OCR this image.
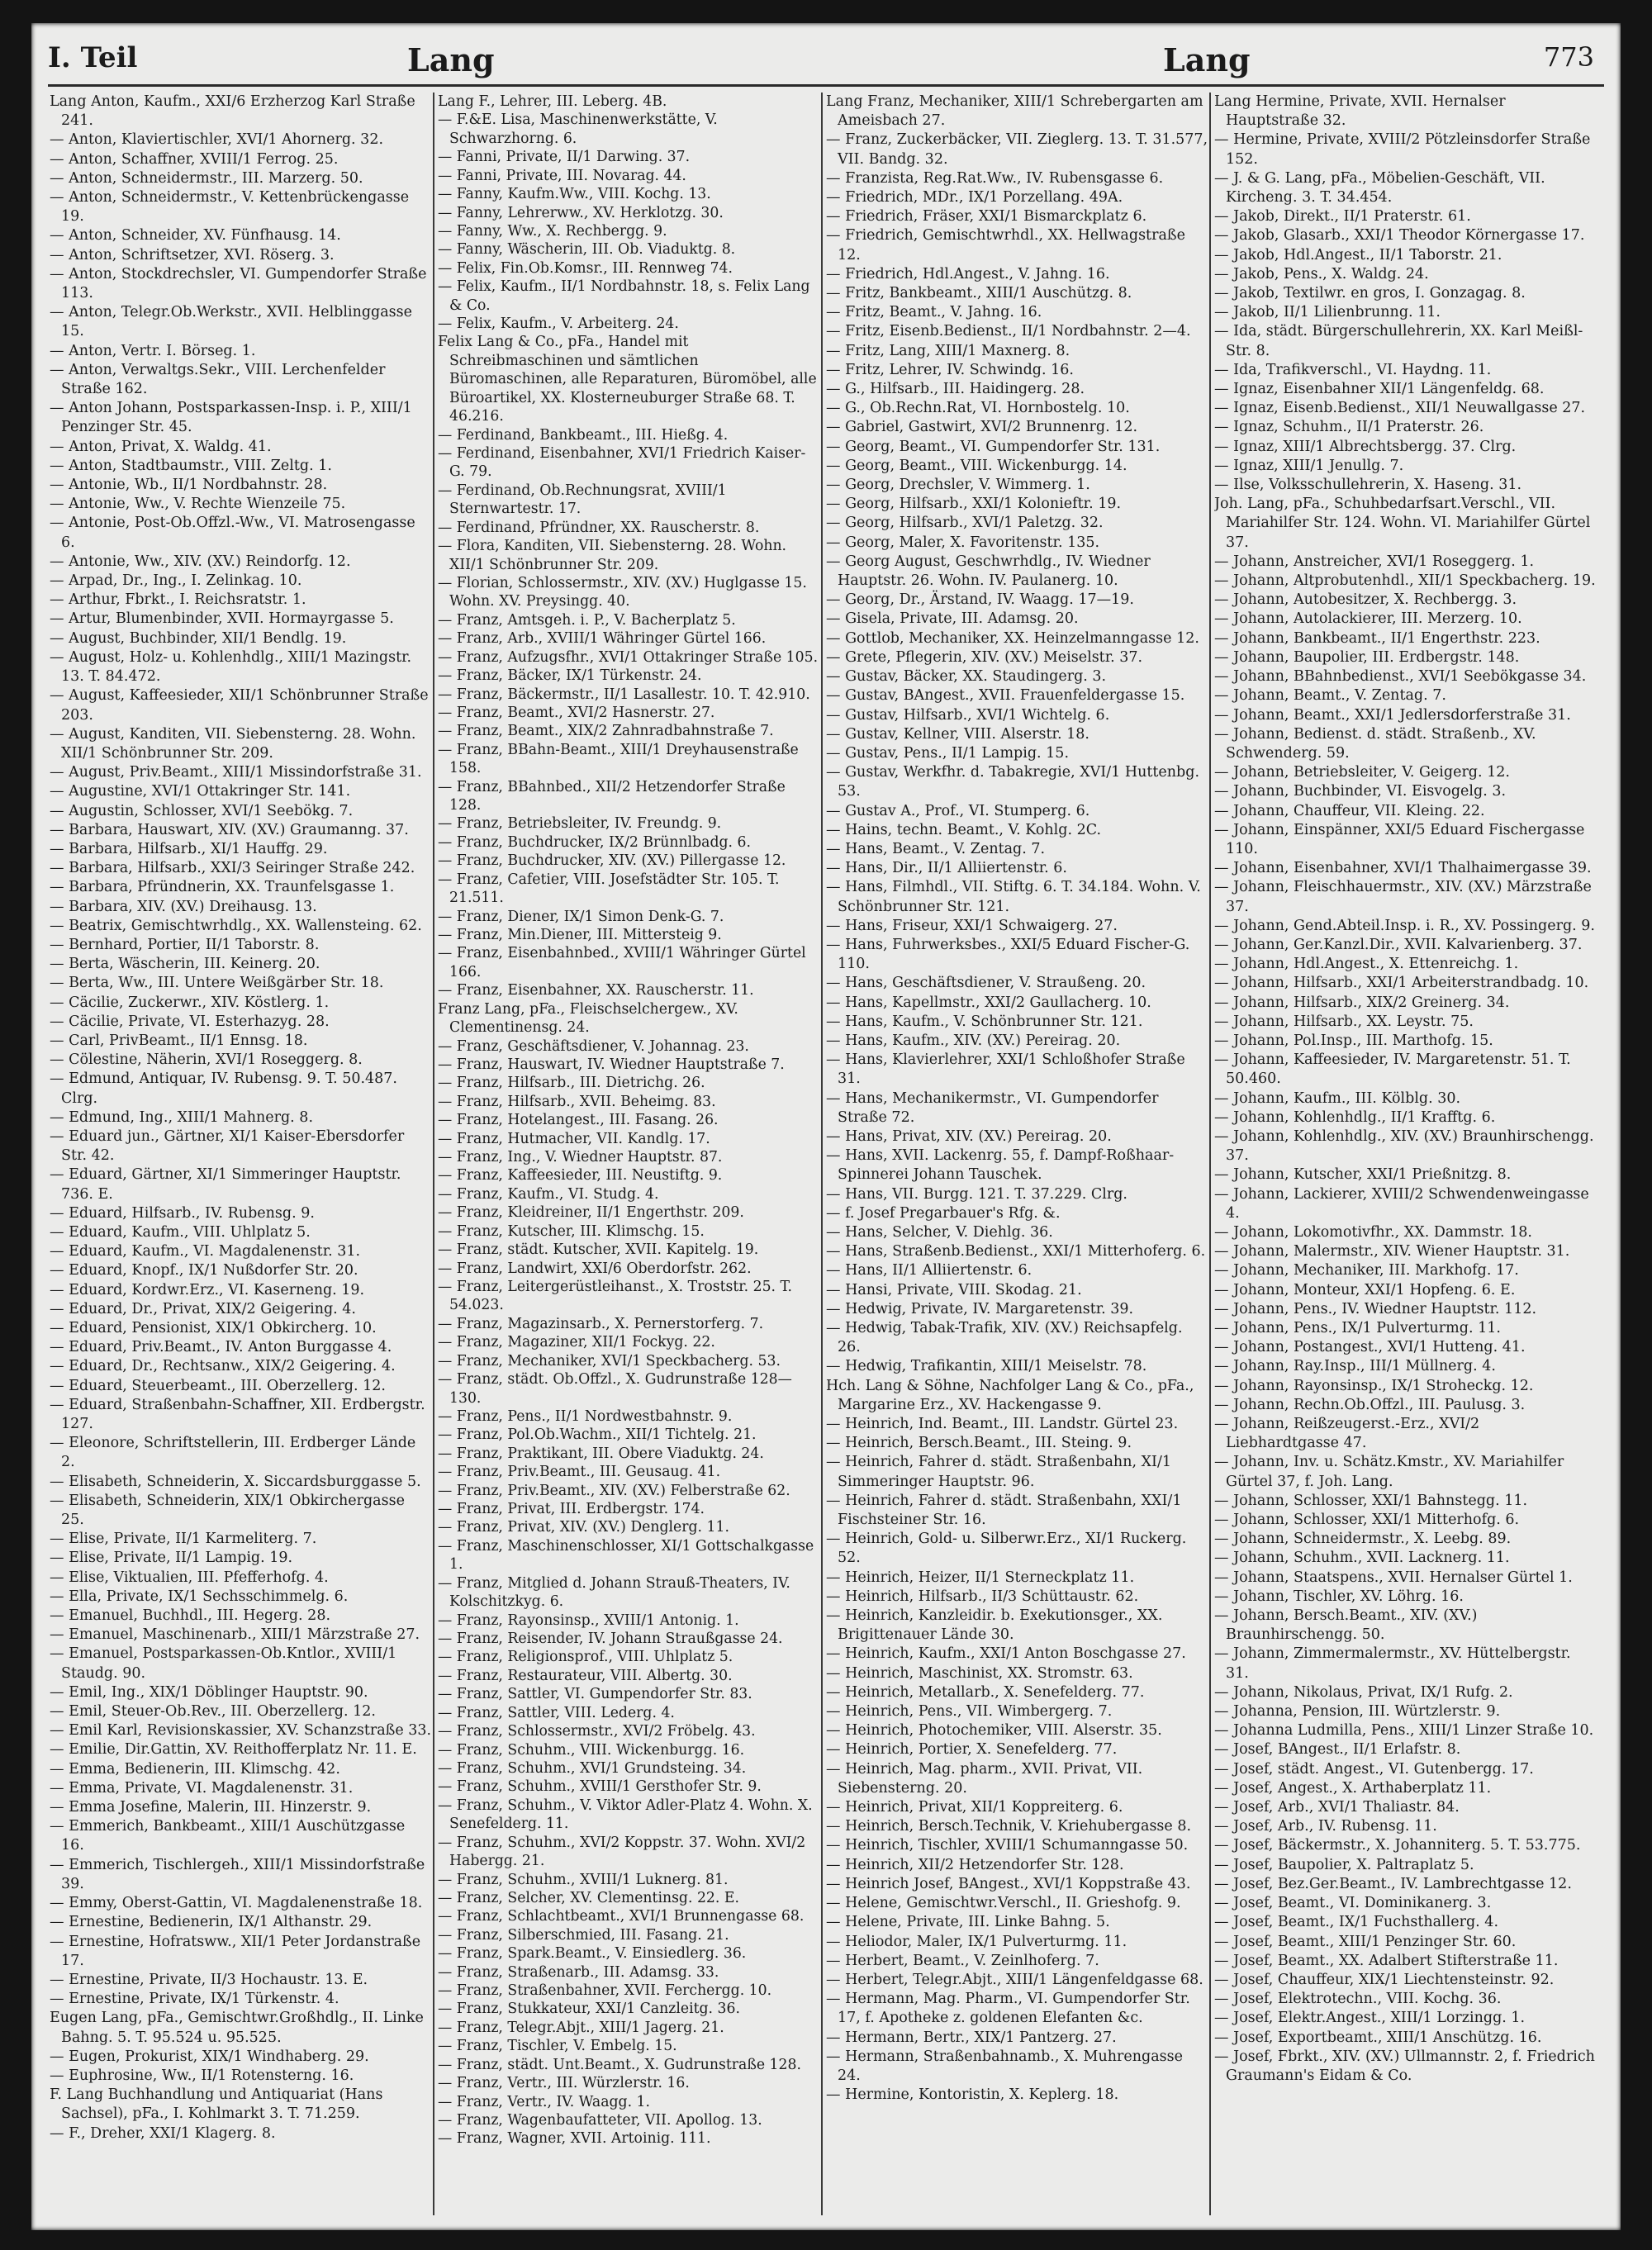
I. Teil	Lang	Lang	773

Lang Anton, Kaufm., XXI/6 Erzherzog Karl Straße 241.

— Anton, Klaviertischler, XVI/1 Ahornerg. 32.

— Anton, Schaffner, XVIII/1 Ferrog. 25.

— Anton, Schneidermstr., III. Marzerg. 50.

— Anton, Schneidermstr., V. Kettenbrückengasse 19.

— Anton, Schneider, XV. Fünfhausg. 14.

— Anton, Schriftsetzer, XVI. Röserg. 3.

— Anton, Stockdrechsler, VI. Gumpendorfer Straße 113.

— Anton, Telegr.Ob.Werkstr., XVII. Helblinggasse 15.

— Anton, Vertr. I. Börseg. 1.

— Anton, Verwaltgs.Sekr., VIII. Lerchenfelder Straße 162.

— Anton Johann, Postsparkassen-Insp. i. P., XIII/1 Penzinger Str. 45.

— Anton, Privat, X. Waldg. 41.

— Anton, Stadtbaumstr., VIII. Zeltg. 1.

— Antonie, Wb., II/1 Nordbahnstr. 28.

— Antonie, Ww., V. Rechte Wienzeile 75.

— Antonie, Post-Ob.Offzl.-Ww., VI. Matrosengasse 6.

— Antonie, Ww., XIV. (XV.) Reindorfg. 12.

— Arpad, Dr., Ing., I. Zelinkag. 10.

— Arthur, Fbrkt., I. Reichsratstr. 1.

— Artur, Blumenbinder, XVII. Hormayrgasse 5.

— August, Buchbinder, XII/1 Bendlg. 19.

— August, Holz- u. Kohlenhdlg., XIII/1 Mazingstr. 13. T. 84.472.

— August, Kaffeesieder, XII/1 Schönbrunner Straße 203.

— August, Kanditen, VII. Siebensterng. 28. Wohn. XII/1 Schönbrunner Str. 209.

— August, Priv.Beamt., XIII/1 Missindorfstraße 31.

— Augustine, XVI/1 Ottakringer Str. 141.

— Augustin, Schlosser, XVI/1 Seebökg. 7.

— Barbara, Hauswart, XIV. (XV.) Graumanng. 37.

— Barbara, Hilfsarb., XI/1 Hauffg. 29.

— Barbara, Hilfsarb., XXI/3 Seiringer Straße 242.

— Barbara, Pfründnerin, XX. Traunfelsgasse 1.

— Barbara, XIV. (XV.) Dreihausg. 13.

— Beatrix, Gemischtwrhdlg., XX. Wallensteing. 62.

— Bernhard, Portier, II/1 Taborstr. 8.

— Berta, Wäscherin, III. Keinerg. 20.

— Berta, Ww., III. Untere Weißgärber Str. 18.

— Cäcilie, Zuckerwr., XIV. Köstlerg. 1.

— Cäcilie, Private, VI. Esterhazyg. 28.

— Carl, PrivBeamt., II/1 Ennsg. 18.

— Cölestine, Näherin, XVI/1 Roseggerg. 8.

— Edmund, Antiquar, IV. Rubensg. 9. T. 50.487. Clrg.

— Edmund, Ing., XIII/1 Mahnerg. 8.

— Eduard jun., Gärtner, XI/1 Kaiser-Ebersdorfer Str. 42.

— Eduard, Gärtner, XI/1 Simmeringer Hauptstr. 736. E.

— Eduard, Hilfsarb., IV. Rubensg. 9.

— Eduard, Kaufm., VIII. Uhlplatz 5.

— Eduard, Kaufm., VI. Magdalenenstr. 31.

— Eduard, Knopf., IX/1 Nußdorfer Str. 20.

— Eduard, Kordwr.Erz., VI. Kaserneng. 19.

— Eduard, Dr., Privat, XIX/2 Geigering. 4.

— Eduard, Pensionist, XIX/1 Obkircherg. 10.

— Eduard, Priv.Beamt., IV. Anton Burggasse 4.

— Eduard, Dr., Rechtsanw., XIX/2 Geigering. 4.

— Eduard, Steuerbeamt., III. Oberzellerg. 12.

— Eduard, Straßenbahn-Schaffner, XII. Erdbergstr. 127.

— Eleonore, Schriftstellerin, III. Erdberger Lände 2.

— Elisabeth, Schneiderin, X. Siccardsburggasse 5.

— Elisabeth, Schneiderin, XIX/1 Obkirchergasse 25.

— Elise, Private, II/1 Karmeliterg. 7.

— Elise, Private, II/1 Lampig. 19.

— Elise, Viktualien, III. Pfefferhofg. 4.

— Ella, Private, IX/1 Sechsschimmelg. 6.

— Emanuel, Buchhdl., III. Hegerg. 28.

— Emanuel, Maschinenarb., XIII/1 Märzstraße 27.

— Emanuel, Postsparkassen-Ob.Kntlor., XVIII/1 Staudg. 90.

— Emil, Ing., XIX/1 Döblinger Hauptstr. 90.

— Emil, Steuer-Ob.Rev., III. Oberzellerg. 12.

— Emil Karl, Revisionskassier, XV. Schanzstraße 33.

— Emilie, Dir.Gattin, XV. Reithofferplatz Nr. 11. E.

— Emma, Bedienerin, III. Klimschg. 42.

— Emma, Private, VI. Magdalenenstr. 31.

— Emma Josefine, Malerin, III. Hinzerstr. 9.

— Emmerich, Bankbeamt., XIII/1 Auschützgasse 16.

— Emmerich, Tischlergeh., XIII/1 Missindorfstraße 39.

— Emmy, Oberst-Gattin, VI. Magdalenenstraße 18.

— Ernestine, Bedienerin, IX/1 Althanstr. 29.

— Ernestine, Hofratsww., XII/1 Peter Jordanstraße 17.

— Ernestine, Private, II/3 Hochaustr. 13. E.

— Ernestine, Private, IX/1 Türkenstr. 4.

Eugen Lang, pFa., Gemischtwr.Großhdlg., II. Linke Bahng. 5. T. 95.524 u. 95.525.

— Eugen, Prokurist, XIX/1 Windhaberg. 29.

— Euphrosine, Ww., II/1 Rotensterng. 16.

F. Lang Buchhandlung und Antiquariat (Hans Sachsel), pFa., I. Kohlmarkt 3. T. 71.259.

— F., Dreher, XXI/1 Klagerg. 8.

Lang F., Lehrer, III. Leberg. 4B.

— F.&E. Lisa, Maschinenwerkstätte, V. Schwarzhorng. 6.

— Fanni, Private, II/1 Darwing. 37.

— Fanni, Private, III. Novarag. 44.

— Fanny, Kaufm.Ww., VIII. Kochg. 13.

— Fanny, Lehrerww., XV. Herklotzg. 30.

— Fanny, Ww., X. Rechbergg. 9.

— Fanny, Wäscherin, III. Ob. Viaduktg. 8.

— Felix, Fin.Ob.Komsr., III. Rennweg 74.

— Felix, Kaufm., II/1 Nordbahnstr. 18, s. Felix Lang & Co.

— Felix, Kaufm., V. Arbeiterg. 24.

Felix Lang & Co., pFa., Handel mit Schreibmaschinen und sämtlichen Büromaschinen, alle Reparaturen, Büromöbel, alle Büroartikel, XX. Klosterneuburger Straße 68. T. 46.216.

— Ferdinand, Bankbeamt., III. Hießg. 4.

— Ferdinand, Eisenbahner, XVI/1 Friedrich Kaiser-G. 79.

— Ferdinand, Ob.Rechnungsrat, XVIII/1 Sternwartestr. 17.

— Ferdinand, Pfründner, XX. Rauscherstr. 8.

— Flora, Kanditen, VII. Siebensterng. 28. Wohn. XII/1 Schönbrunner Str. 209.

— Florian, Schlossermstr., XIV. (XV.) Huglgasse 15. Wohn. XV. Preysingg. 40.

— Franz, Amtsgeh. i. P., V. Bacherplatz 5.

— Franz, Arb., XVIII/1 Währinger Gürtel 166.

— Franz, Aufzugsfhr., XVI/1 Ottakringer Straße 105.

— Franz, Bäcker, IX/1 Türkenstr. 24.

— Franz, Bäckermstr., II/1 Lasallestr. 10. T. 42.910.

— Franz, Beamt., XVI/2 Hasnerstr. 27.

— Franz, Beamt., XIX/2 Zahnradbahnstraße 7.

— Franz, BBahn-Beamt., XIII/1 Dreyhausenstraße 158.

— Franz, BBahnbed., XII/2 Hetzendorfer Straße 128.

— Franz, Betriebsleiter, IV. Freundg. 9.

— Franz, Buchdrucker, IX/2 Brünnlbadg. 6.

— Franz, Buchdrucker, XIV. (XV.) Pillergasse 12.

— Franz, Cafetier, VIII. Josefstädter Str. 105. T. 21.511.

— Franz, Diener, IX/1 Simon Denk-G. 7.

— Franz, Min.Diener, III. Mittersteig 9.

— Franz, Eisenbahnbed., XVIII/1 Währinger Gürtel 166.

— Franz, Eisenbahner, XX. Rauscherstr. 11.

Franz Lang, pFa., Fleischselchergew., XV. Clementinensg. 24.

— Franz, Geschäftsdiener, V. Johannag. 23.

— Franz, Hauswart, IV. Wiedner Hauptstraße 7.

— Franz, Hilfsarb., III. Dietrichg. 26.

— Franz, Hilfsarb., XVII. Beheimg. 83.

— Franz, Hotelangest., III. Fasang. 26.

— Franz, Hutmacher, VII. Kandlg. 17.

— Franz, Ing., V. Wiedner Hauptstr. 87.

— Franz, Kaffeesieder, III. Neustiftg. 9.

— Franz, Kaufm., VI. Studg. 4.

— Franz, Kleidreiner, II/1 Engerthstr. 209.

— Franz, Kutscher, III. Klimschg. 15.

— Franz, städt. Kutscher, XVII. Kapitelg. 19.

— Franz, Landwirt, XXI/6 Oberdorfstr. 262.

— Franz, Leitergerüstleihanst., X. Troststr. 25. T. 54.023.

— Franz, Magazinsarb., X. Pernerstorferg. 7.

— Franz, Magaziner, XII/1 Fockyg. 22.

— Franz, Mechaniker, XVI/1 Speckbacherg. 53.

— Franz, städt. Ob.Offzl., X. Gudrunstraße 128—130.

— Franz, Pens., II/1 Nordwestbahnstr. 9.

— Franz, Pol.Ob.Wachm., XII/1 Tichtelg. 21.

— Franz, Praktikant, III. Obere Viaduktg. 24.

— Franz, Priv.Beamt., III. Geusaug. 41.

— Franz, Priv.Beamt., XIV. (XV.) Felberstraße 62.

— Franz, Privat, III. Erdbergstr. 174.

— Franz, Privat, XIV. (XV.) Denglerg. 11.

— Franz, Maschinenschlosser, XI/1 Gottschalkgasse 1.

— Franz, Mitglied d. Johann Strauß-Theaters, IV. Kolschitzkyg. 6.

— Franz, Rayonsinsp., XVIII/1 Antonig. 1.

— Franz, Reisender, IV. Johann Straußgasse 24.

— Franz, Religionsprof., VIII. Uhlplatz 5.

— Franz, Restaurateur, VIII. Albertg. 30.

— Franz, Sattler, VI. Gumpendorfer Str. 83.

— Franz, Sattler, VIII. Lederg. 4.

— Franz, Schlossermstr., XVI/2 Fröbelg. 43.

— Franz, Schuhm., VIII. Wickenburgg. 16.

— Franz, Schuhm., XVI/1 Grundsteing. 34.

— Franz, Schuhm., XVIII/1 Gersthofer Str. 9.

— Franz, Schuhm., V. Viktor Adler-Platz 4. Wohn. X. Senefelderg. 11.

— Franz, Schuhm., XVI/2 Koppstr. 37. Wohn. XVI/2 Habergg. 21.

— Franz, Schuhm., XVIII/1 Luknerg. 81.

— Franz, Selcher, XV. Clementinsg. 22. E.

— Franz, Schlachtbeamt., XVI/1 Brunnengasse 68.

— Franz, Silberschmied, III. Fasang. 21.

— Franz, Spark.Beamt., V. Einsiedlerg. 36.

— Franz, Straßenarb., III. Adamsg. 33.

— Franz, Straßenbahner, XVII. Ferchergg. 10.

— Franz, Stukkateur, XXI/1 Canzleitg. 36.

— Franz, Telegr.Abjt., XIII/1 Jagerg. 21.

— Franz, Tischler, V. Embelg. 15.

— Franz, städt. Unt.Beamt., X. Gudrunstraße 128.

— Franz, Vertr., III. Würzlerstr. 16.

— Franz, Vertr., IV. Waagg. 1.

— Franz, Wagenbaufatteter, VII. Apollog. 13.

— Franz, Wagner, XVII. Artoinig. 111.

Lang Franz, Mechaniker, XIII/1 Schrebergarten am Ameisbach 27.

— Franz, Zuckerbäcker, VII. Zieglerg. 13. T. 31.577, VII. Bandg. 32.

— Franzista, Reg.Rat.Ww., IV. Rubensgasse 6.

— Friedrich, MDr., IX/1 Porzellang. 49A.

— Friedrich, Fräser, XXI/1 Bismarckplatz 6.

— Friedrich, Gemischtwrhdl., XX. Hellwagstraße 12.

— Friedrich, Hdl.Angest., V. Jahng. 16.

— Fritz, Bankbeamt., XIII/1 Auschützg. 8.

— Fritz, Beamt., V. Jahng. 16.

— Fritz, Eisenb.Bedienst., II/1 Nordbahnstr. 2—4.

— Fritz, Lang, XIII/1 Maxnerg. 8.

— Fritz, Lehrer, IV. Schwindg. 16.

— G., Hilfsarb., III. Haidingerg. 28.

— G., Ob.Rechn.Rat, VI. Hornbostelg. 10.

— Gabriel, Gastwirt, XVI/2 Brunnenrg. 12.

— Georg, Beamt., VI. Gumpendorfer Str. 131.

— Georg, Beamt., VIII. Wickenburgg. 14.

— Georg, Drechsler, V. Wimmerg. 1.

— Georg, Hilfsarb., XXI/1 Kolonieftr. 19.

— Georg, Hilfsarb., XVI/1 Paletzg. 32.

— Georg, Maler, X. Favoritenstr. 135.

— Georg August, Geschwrhdlg., IV. Wiedner Hauptstr. 26. Wohn. IV. Paulanerg. 10.

— Georg, Dr., Ärstand, IV. Waagg. 17—19.

— Gisela, Private, III. Adamsg. 20.

— Gottlob, Mechaniker, XX. Heinzelmanngasse 12.

— Grete, Pflegerin, XIV. (XV.) Meiselstr. 37.

— Gustav, Bäcker, XX. Staudingerg. 3.

— Gustav, BAngest., XVII. Frauenfeldergasse 15.

— Gustav, Hilfsarb., XVI/1 Wichtelg. 6.

— Gustav, Kellner, VIII. Alserstr. 18.

— Gustav, Pens., II/1 Lampig. 15.

— Gustav, Werkfhr. d. Tabakregie, XVI/1 Huttenbg. 53.

— Gustav A., Prof., VI. Stumperg. 6.

— Hains, techn. Beamt., V. Kohlg. 2C.

— Hans, Beamt., V. Zentag. 7.

— Hans, Dir., II/1 Alliiertenstr. 6.

— Hans, Filmhdl., VII. Stiftg. 6. T. 34.184. Wohn. V. Schönbrunner Str. 121.

— Hans, Friseur, XXI/1 Schwaigerg. 27.

— Hans, Fuhrwerksbes., XXI/5 Eduard Fischer-G. 110.

— Hans, Geschäftsdiener, V. Straußeng. 20.

— Hans, Kapellmstr., XXI/2 Gaullacherg. 10.

— Hans, Kaufm., V. Schönbrunner Str. 121.

— Hans, Kaufm., XIV. (XV.) Pereirag. 20.

— Hans, Klavierlehrer, XXI/1 Schloßhofer Straße 31.

— Hans, Mechanikermstr., VI. Gumpendorfer Straße 72.

— Hans, Privat, XIV. (XV.) Pereirag. 20.

— Hans, XVII. Lackenrg. 55, f. Dampf-Roßhaar-Spinnerei Johann Tauschek.

— Hans, VII. Burgg. 121. T. 37.229. Clrg.

— f. Josef Pregarbauer's Rfg. &.

— Hans, Selcher, V. Diehlg. 36.

— Hans, Straßenb.Bedienst., XXI/1 Mitterhoferg. 6.

— Hans, II/1 Alliiertenstr. 6.

— Hansi, Private, VIII. Skodag. 21.

— Hedwig, Private, IV. Margaretenstr. 39.

— Hedwig, Tabak-Trafik, XIV. (XV.) Reichsapfelg. 26.

— Hedwig, Trafikantin, XIII/1 Meiselstr. 78.

Hch. Lang & Söhne, Nachfolger Lang & Co., pFa., Margarine Erz., XV. Hackengasse 9.

— Heinrich, Ind. Beamt., III. Landstr. Gürtel 23.

— Heinrich, Bersch.Beamt., III. Steing. 9.

— Heinrich, Fahrer d. städt. Straßenbahn, XI/1 Simmeringer Hauptstr. 96.

— Heinrich, Fahrer d. städt. Straßenbahn, XXI/1 Fischsteiner Str. 16.

— Heinrich, Gold- u. Silberwr.Erz., XI/1 Ruckerg. 52.

— Heinrich, Heizer, II/1 Sterneckplatz 11.

— Heinrich, Hilfsarb., II/3 Schüttaustr. 62.

— Heinrich, Kanzleidir. b. Exekutionsger., XX. Brigittenauer Lände 30.

— Heinrich, Kaufm., XXI/1 Anton Boschgasse 27.

— Heinrich, Maschinist, XX. Stromstr. 63.

— Heinrich, Metallarb., X. Senefelderg. 77.

— Heinrich, Pens., VII. Wimbergerg. 7.

— Heinrich, Photochemiker, VIII. Alserstr. 35.

— Heinrich, Portier, X. Senefelderg. 77.

— Heinrich, Mag. pharm., XVII. Privat, VII. Siebensterng. 20.

— Heinrich, Privat, XII/1 Koppreiterg. 6.

— Heinrich, Bersch.Technik, V. Kriehubergasse 8.

— Heinrich, Tischler, XVIII/1 Schumanngasse 50.

— Heinrich, XII/2 Hetzendorfer Str. 128.

— Heinrich Josef, BAngest., XVI/1 Koppstraße 43.

— Helene, Gemischtwr.Verschl., II. Grieshofg. 9.

— Helene, Private, III. Linke Bahng. 5.

— Heliodor, Maler, IX/1 Pulverturmg. 11.

— Herbert, Beamt., V. Zeinlhoferg. 7.

— Herbert, Telegr.Abjt., XIII/1 Längenfeldgasse 68.

— Hermann, Mag. Pharm., VI. Gumpendorfer Str. 17, f. Apotheke z. goldenen Elefanten &c.

— Hermann, Bertr., XIX/1 Pantzerg. 27.

— Hermann, Straßenbahnamb., X. Muhrengasse 24.

— Hermine, Kontoristin, X. Keplerg. 18.

Lang Hermine, Private, XVII. Hernalser Hauptstraße 32.

— Hermine, Private, XVIII/2 Pötzleinsdorfer Straße 152.

— J. & G. Lang, pFa., Möbelien-Geschäft, VII. Kircheng. 3. T. 34.454.

— Jakob, Direkt., II/1 Praterstr. 61.

— Jakob, Glasarb., XXI/1 Theodor Körnergasse 17.

— Jakob, Hdl.Angest., II/1 Taborstr. 21.

— Jakob, Pens., X. Waldg. 24.

— Jakob, Textilwr. en gros, I. Gonzagag. 8.

— Jakob, II/1 Lilienbrunng. 11.

— Ida, städt. Bürgerschullehrerin, XX. Karl Meißl-Str. 8.

— Ida, Trafikverschl., VI. Haydng. 11.

— Ignaz, Eisenbahner XII/1 Längenfeldg. 68.

— Ignaz, Eisenb.Bedienst., XII/1 Neuwallgasse 27.

— Ignaz, Schuhm., II/1 Praterstr. 26.

— Ignaz, XIII/1 Albrechtsbergg. 37. Clrg.

— Ignaz, XIII/1 Jenullg. 7.

— Ilse, Volksschullehrerin, X. Haseng. 31.

Joh. Lang, pFa., Schuhbedarfsart.Verschl., VII. Mariahilfer Str. 124. Wohn. VI. Mariahilfer Gürtel 37.

— Johann, Anstreicher, XVI/1 Roseggerg. 1.

— Johann, Altprobutenhdl., XII/1 Speckbacherg. 19.

— Johann, Autobesitzer, X. Rechbergg. 3.

— Johann, Autolackierer, III. Merzerg. 10.

— Johann, Bankbeamt., II/1 Engerthstr. 223.

— Johann, Baupolier, III. Erdbergstr. 148.

— Johann, BBahnbedienst., XVI/1 Seebökgasse 34.

— Johann, Beamt., V. Zentag. 7.

— Johann, Beamt., XXI/1 Jedlersdorferstraße 31.

— Johann, Bedienst. d. städt. Straßenb., XV. Schwenderg. 59.

— Johann, Betriebsleiter, V. Geigerg. 12.

— Johann, Buchbinder, VI. Eisvogelg. 3.

— Johann, Chauffeur, VII. Kleing. 22.

— Johann, Einspänner, XXI/5 Eduard Fischergasse 110.

— Johann, Eisenbahner, XVI/1 Thalhaimergasse 39.

— Johann, Fleischhauermstr., XIV. (XV.) Märzstraße 37.

— Johann, Gend.Abteil.Insp. i. R., XV. Possingerg. 9.

— Johann, Ger.Kanzl.Dir., XVII. Kalvarienberg. 37.

— Johann, Hdl.Angest., X. Ettenreichg. 1.

— Johann, Hilfsarb., XXI/1 Arbeiterstrandbadg. 10.

— Johann, Hilfsarb., XIX/2 Greinerg. 34.

— Johann, Hilfsarb., XX. Leystr. 75.

— Johann, Pol.Insp., III. Marthofg. 15.

— Johann, Kaffeesieder, IV. Margaretenstr. 51. T. 50.460.

— Johann, Kaufm., III. Kölblg. 30.

— Johann, Kohlenhdlg., II/1 Krafftg. 6.

— Johann, Kohlenhdlg., XIV. (XV.) Braunhirschengg. 37.

— Johann, Kutscher, XXI/1 Prießnitzg. 8.

— Johann, Lackierer, XVIII/2 Schwendenweingasse 4.

— Johann, Lokomotivfhr., XX. Dammstr. 18.

— Johann, Malermstr., XIV. Wiener Hauptstr. 31.

— Johann, Mechaniker, III. Markhofg. 17.

— Johann, Monteur, XXI/1 Hopfeng. 6. E.

— Johann, Pens., IV. Wiedner Hauptstr. 112.

— Johann, Pens., IX/1 Pulverturmg. 11.

— Johann, Postangest., XVI/1 Hutteng. 41.

— Johann, Ray.Insp., III/1 Müllnerg. 4.

— Johann, Rayonsinsp., IX/1 Stroheckg. 12.

— Johann, Rechn.Ob.Offzl., III. Paulusg. 3.

— Johann, Reißzeugerst.-Erz., XVI/2 Liebhardtgasse 47.

— Johann, Inv. u. Schätz.Kmstr., XV. Mariahilfer Gürtel 37, f. Joh. Lang.

— Johann, Schlosser, XXI/1 Bahnstegg. 11.

— Johann, Schlosser, XXI/1 Mitterhofg. 6.

— Johann, Schneidermstr., X. Leebg. 89.

— Johann, Schuhm., XVII. Lacknerg. 11.

— Johann, Staatspens., XVII. Hernalser Gürtel 1.

— Johann, Tischler, XV. Löhrg. 16.

— Johann, Bersch.Beamt., XIV. (XV.) Braunhirschengg. 50.

— Johann, Zimmermalermstr., XV. Hüttelbergstr. 31.

— Johann, Nikolaus, Privat, IX/1 Rufg. 2.

— Johanna, Pension, III. Würtzlerstr. 9.

— Johanna Ludmilla, Pens., XIII/1 Linzer Straße 10.

— Josef, BAngest., II/1 Erlafstr. 8.

— Josef, städt. Angest., VI. Gutenbergg. 17.

— Josef, Angest., X. Arthaberplatz 11.

— Josef, Arb., XVI/1 Thaliastr. 84.

— Josef, Arb., IV. Rubensg. 11.

— Josef, Bäckermstr., X. Johanniterg. 5. T. 53.775.

— Josef, Baupolier, X. Paltraplatz 5.

— Josef, Bez.Ger.Beamt., IV. Lambrechtgasse 12.

— Josef, Beamt., VI. Dominikanerg. 3.

— Josef, Beamt., IX/1 Fuchsthallerg. 4.

— Josef, Beamt., XIII/1 Penzinger Str. 60.

— Josef, Beamt., XX. Adalbert Stifterstraße 11.

— Josef, Chauffeur, XIX/1 Liechtensteinstr. 92.

— Josef, Elektrotechn., VIII. Kochg. 36.

— Josef, Elektr.Angest., XIII/1 Lorzingg. 1.

— Josef, Exportbeamt., XIII/1 Anschützg. 16.

— Josef, Fbrkt., XIV. (XV.) Ullmannstr. 2, f. Friedrich Graumann's Eidam & Co.
